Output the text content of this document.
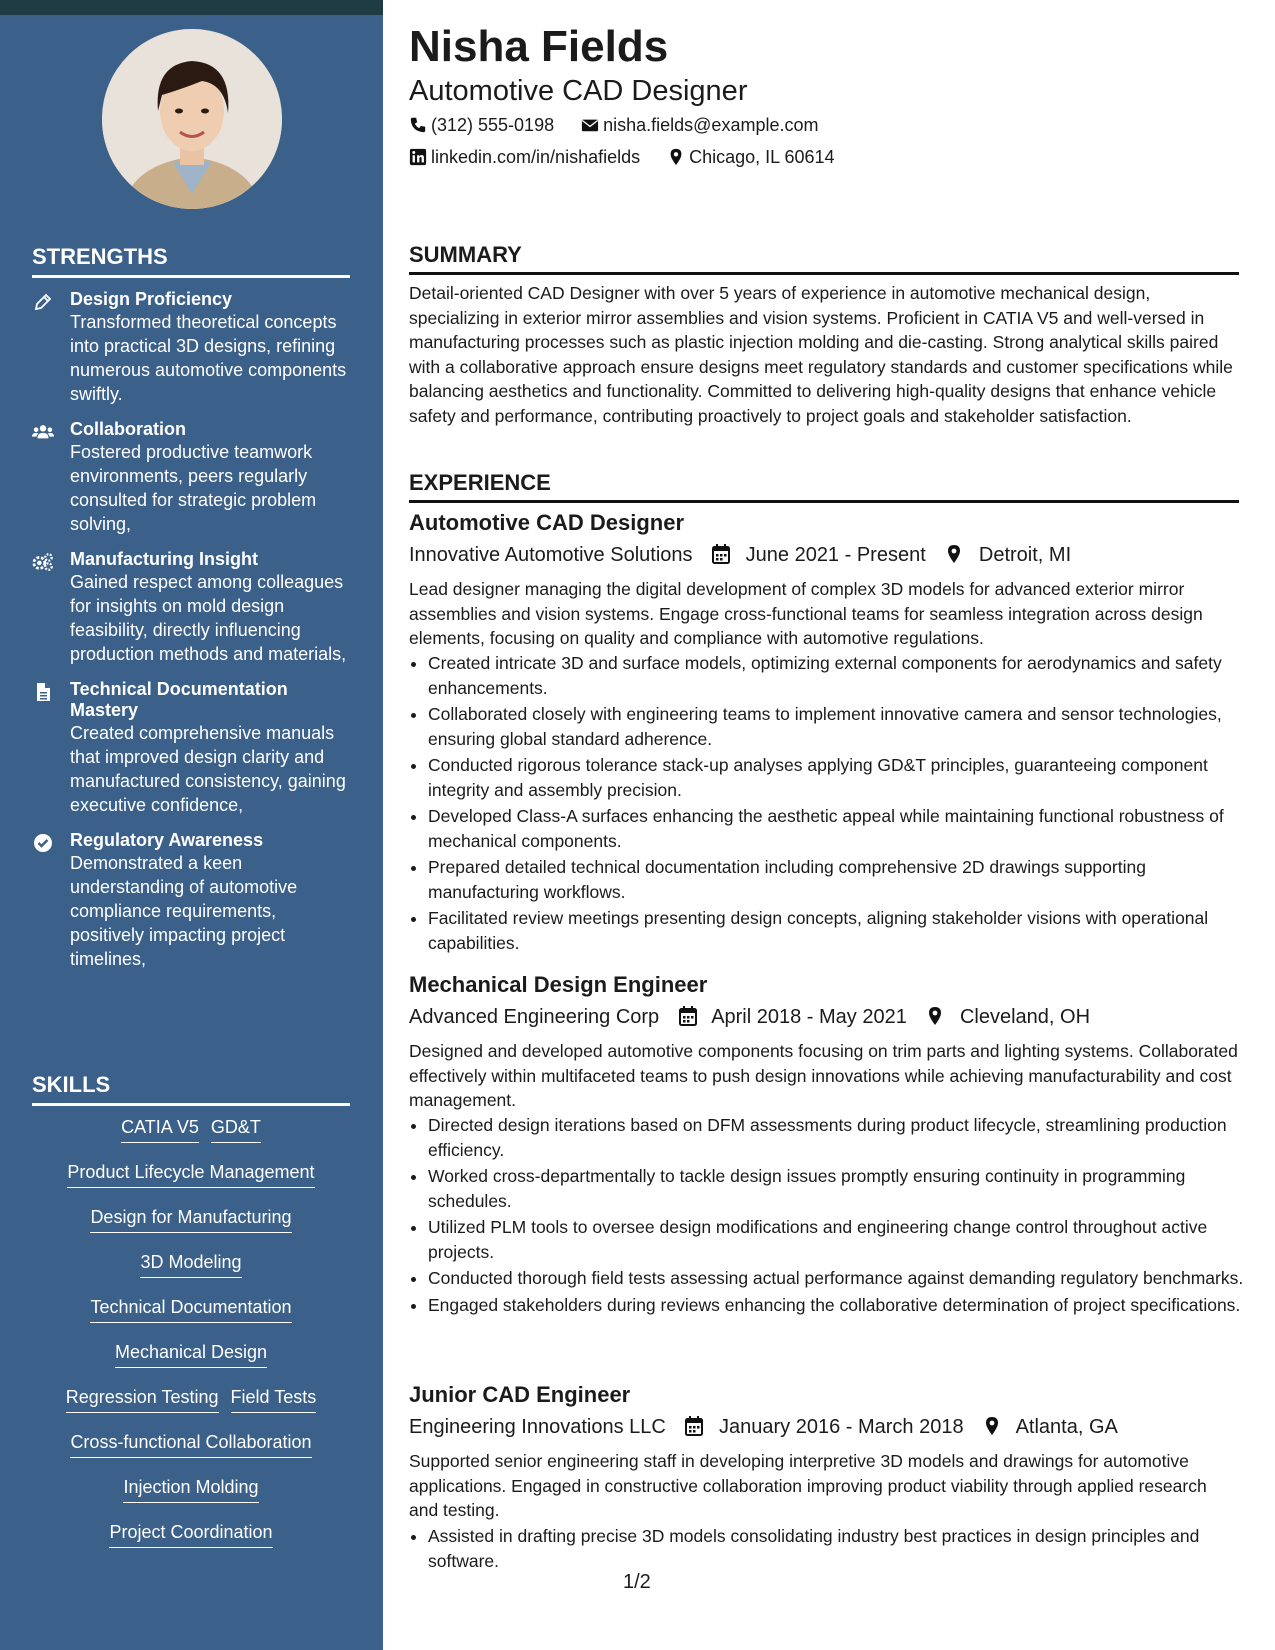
STRENGTHS
Design Proficiency
Transformed theoretical concepts into practical 3D designs, refining numerous automotive components swiftly.
Collaboration
Fostered productive teamwork environments, peers regularly consulted for strategic problem solving,
Manufacturing Insight
Gained respect among colleagues for insights on mold design feasibility, directly influencing production methods and materials,
Technical Documentation Mastery
Created comprehensive manuals that improved design clarity and manufactured consistency, gaining executive confidence,
Regulatory Awareness
Demonstrated a keen understanding of automotive compliance requirements, positively impacting project timelines,
SKILLS
CATIA V5 GD&T
Product Lifecycle Management
Design for Manufacturing
3D Modeling
Technical Documentation
Mechanical Design
Regression Testing Field Tests
Cross-functional Collaboration
Injection Molding
Project Coordination
Nisha Fields
Automotive CAD Designer
(312) 555-0198	nisha.fields@example.com
linkedin.com/in/nishafields	Chicago, IL 60614
SUMMARY
Detail-oriented CAD Designer with over 5 years of experience in automotive mechanical design, specializing in exterior mirror assemblies and vision systems. Proficient in CATIA V5 and well-versed in manufacturing processes such as plastic injection molding and die-casting. Strong analytical skills paired with a collaborative approach ensure designs meet regulatory standards and customer specifications while balancing aesthetics and functionality. Committed to delivering high-quality designs that enhance vehicle safety and performance, contributing proactively to project goals and stakeholder satisfaction.
EXPERIENCE
Automotive CAD Designer
Innovative Automotive Solutions	June 2021 - Present	Detroit, MI
Lead designer managing the digital development of complex 3D models for advanced exterior mirror assemblies and vision systems. Engage cross-functional teams for seamless integration across design elements, focusing on quality and compliance with automotive regulations.
• Created intricate 3D and surface models, optimizing external components for aerodynamics and safety enhancements.
• Collaborated closely with engineering teams to implement innovative camera and sensor technologies, ensuring global standard adherence.
• Conducted rigorous tolerance stack-up analyses applying GD&T principles, guaranteeing component integrity and assembly precision.
• Developed Class-A surfaces enhancing the aesthetic appeal while maintaining functional robustness of mechanical components.
• Prepared detailed technical documentation including comprehensive 2D drawings supporting manufacturing workflows.
• Facilitated review meetings presenting design concepts, aligning stakeholder visions with operational capabilities.
Mechanical Design Engineer
Advanced Engineering Corp	April 2018 - May 2021	Cleveland, OH
Designed and developed automotive components focusing on trim parts and lighting systems. Collaborated effectively within multifaceted teams to push design innovations while achieving manufacturability and cost management.
• Directed design iterations based on DFM assessments during product lifecycle, streamlining production efficiency.
• Worked cross-departmentally to tackle design issues promptly ensuring continuity in programming schedules.
• Utilized PLM tools to oversee design modifications and engineering change control throughout active projects.
• Conducted thorough field tests assessing actual performance against demanding regulatory benchmarks.
• Engaged stakeholders during reviews enhancing the collaborative determination of project specifications.
Junior CAD Engineer
Engineering Innovations LLC	January 2016 - March 2018	Atlanta, GA
Supported senior engineering staff in developing interpretive 3D models and drawings for automotive applications. Engaged in constructive collaboration improving product viability through applied research and testing.
• Assisted in drafting precise 3D models consolidating industry best practices in design principles and software.
1/2
